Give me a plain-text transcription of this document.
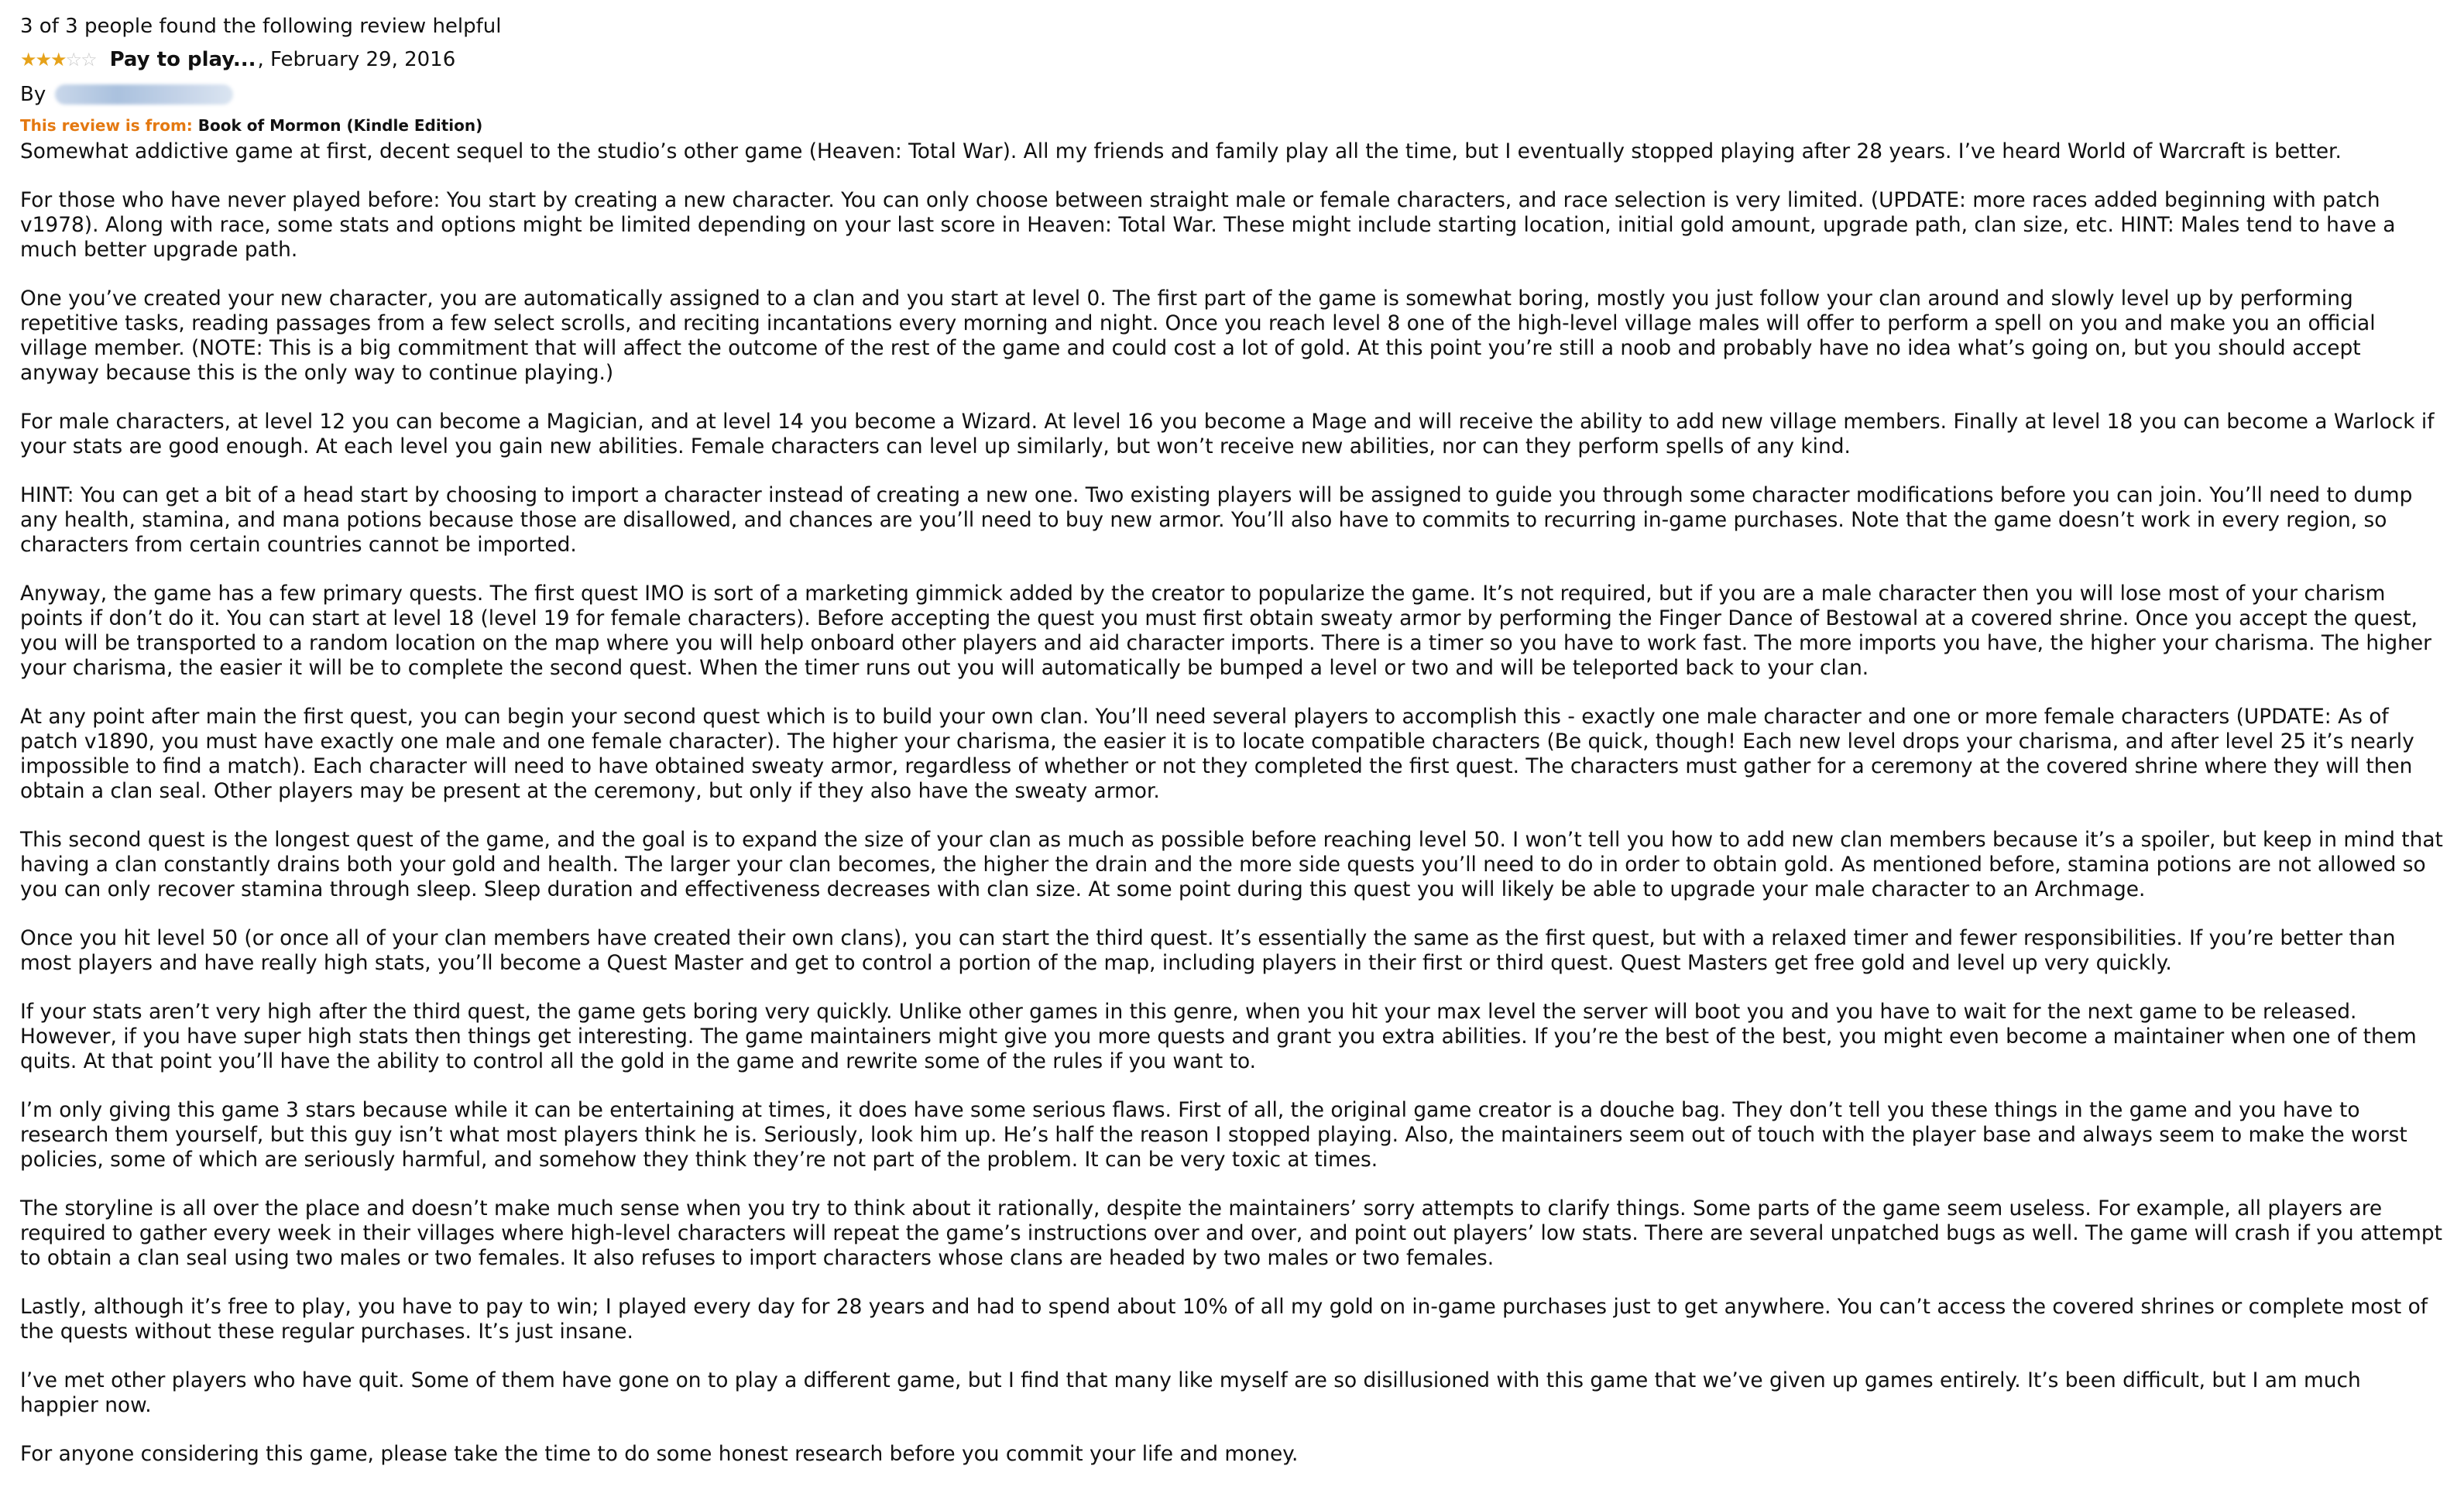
3 of 3 people found the following review helpful
★ ★ ★ ☆ ☆ Pay to play... , February 29, 2016
By
This review is from: Book of Mormon (Kindle Edition)

Somewhat addictive game at first, decent sequel to the studio’s other game (Heaven: Total War). All my friends and family play all the time, but I eventually stopped playing after 28 years. I’ve heard World of Warcraft is better.

For those who have never played before: You start by creating a new character. You can only choose between straight male or female characters, and race selection is very limited. (UPDATE: more races added beginning with patch v1978). Along with race, some stats and options might be limited depending on your last score in Heaven: Total War. These might include starting location, initial gold amount, upgrade path, clan size, etc. HINT: Males tend to have a much better upgrade path.

One you’ve created your new character, you are automatically assigned to a clan and you start at level 0. The first part of the game is somewhat boring, mostly you just follow your clan around and slowly level up by performing repetitive tasks, reading passages from a few select scrolls, and reciting incantations every morning and night. Once you reach level 8 one of the high-level village males will offer to perform a spell on you and make you an official village member. (NOTE: This is a big commitment that will affect the outcome of the rest of the game and could cost a lot of gold. At this point you’re still a noob and probably have no idea what’s going on, but you should accept anyway because this is the only way to continue playing.)

For male characters, at level 12 you can become a Magician, and at level 14 you become a Wizard. At level 16 you become a Mage and will receive the ability to add new village members. Finally at level 18 you can become a Warlock if your stats are good enough. At each level you gain new abilities. Female characters can level up similarly, but won’t receive new abilities, nor can they perform spells of any kind.

HINT: You can get a bit of a head start by choosing to import a character instead of creating a new one. Two existing players will be assigned to guide you through some character modifications before you can join. You’ll need to dump any health, stamina, and mana potions because those are disallowed, and chances are you’ll need to buy new armor. You’ll also have to commits to recurring in-game purchases. Note that the game doesn’t work in every region, so characters from certain countries cannot be imported.

Anyway, the game has a few primary quests. The first quest IMO is sort of a marketing gimmick added by the creator to popularize the game. It’s not required, but if you are a male character then you will lose most of your charism points if don’t do it. You can start at level 18 (level 19 for female characters). Before accepting the quest you must first obtain sweaty armor by performing the Finger Dance of Bestowal at a covered shrine. Once you accept the quest, you will be transported to a random location on the map where you will help onboard other players and aid character imports. There is a timer so you have to work fast. The more imports you have, the higher your charisma. The higher your charisma, the easier it will be to complete the second quest. When the timer runs out you will automatically be bumped a level or two and will be teleported back to your clan.

At any point after main the first quest, you can begin your second quest which is to build your own clan. You’ll need several players to accomplish this - exactly one male character and one or more female characters (UPDATE: As of patch v1890, you must have exactly one male and one female character). The higher your charisma, the easier it is to locate compatible characters (Be quick, though! Each new level drops your charisma, and after level 25 it’s nearly impossible to find a match). Each character will need to have obtained sweaty armor, regardless of whether or not they completed the first quest. The characters must gather for a ceremony at the covered shrine where they will then obtain a clan seal. Other players may be present at the ceremony, but only if they also have the sweaty armor.

This second quest is the longest quest of the game, and the goal is to expand the size of your clan as much as possible before reaching level 50. I won’t tell you how to add new clan members because it’s a spoiler, but keep in mind that having a clan constantly drains both your gold and health. The larger your clan becomes, the higher the drain and the more side quests you’ll need to do in order to obtain gold. As mentioned before, stamina potions are not allowed so you can only recover stamina through sleep. Sleep duration and effectiveness decreases with clan size. At some point during this quest you will likely be able to upgrade your male character to an Archmage.

Once you hit level 50 (or once all of your clan members have created their own clans), you can start the third quest. It’s essentially the same as the first quest, but with a relaxed timer and fewer responsibilities. If you’re better than most players and have really high stats, you’ll become a Quest Master and get to control a portion of the map, including players in their first or third quest. Quest Masters get free gold and level up very quickly.

If your stats aren’t very high after the third quest, the game gets boring very quickly. Unlike other games in this genre, when you hit your max level the server will boot you and you have to wait for the next game to be released. However, if you have super high stats then things get interesting. The game maintainers might give you more quests and grant you extra abilities. If you’re the best of the best, you might even become a maintainer when one of them quits. At that point you’ll have the ability to control all the gold in the game and rewrite some of the rules if you want to.

I’m only giving this game 3 stars because while it can be entertaining at times, it does have some serious flaws. First of all, the original game creator is a douche bag. They don’t tell you these things in the game and you have to research them yourself, but this guy isn’t what most players think he is. Seriously, look him up. He’s half the reason I stopped playing. Also, the maintainers seem out of touch with the player base and always seem to make the worst policies, some of which are seriously harmful, and somehow they think they’re not part of the problem. It can be very toxic at times.

The storyline is all over the place and doesn’t make much sense when you try to think about it rationally, despite the maintainers’ sorry attempts to clarify things. Some parts of the game seem useless. For example, all players are required to gather every week in their villages where high-level characters will repeat the game’s instructions over and over, and point out players’ low stats. There are several unpatched bugs as well. The game will crash if you attempt to obtain a clan seal using two males or two females. It also refuses to import characters whose clans are headed by two males or two females.

Lastly, although it’s free to play, you have to pay to win; I played every day for 28 years and had to spend about 10% of all my gold on in-game purchases just to get anywhere. You can’t access the covered shrines or complete most of the quests without these regular purchases. It’s just insane.

I’ve met other players who have quit. Some of them have gone on to play a different game, but I find that many like myself are so disillusioned with this game that we’ve given up games entirely. It’s been difficult, but I am much happier now.

For anyone considering this game, please take the time to do some honest research before you commit your life and money.
